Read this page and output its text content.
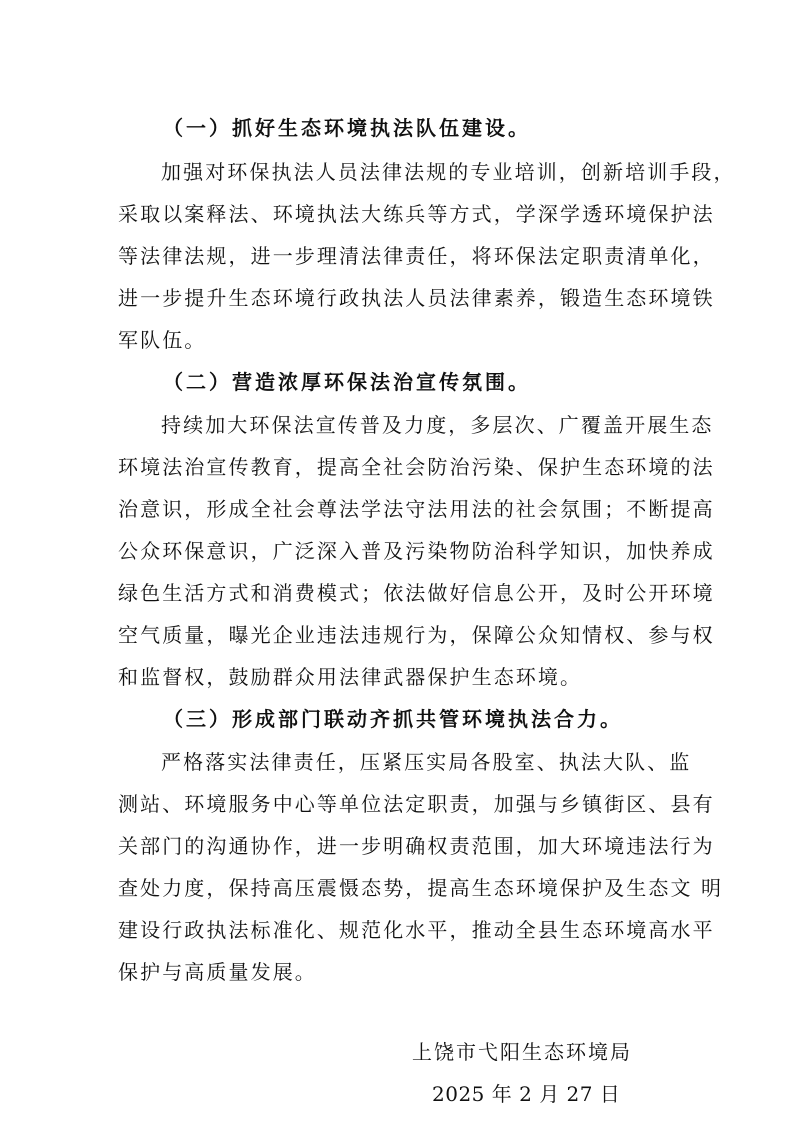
（一）抓好生态环境执法队伍建设。
加强对环保执法人员法律法规的专业培训，创新培训手段，
采取以案释法、环境执法大练兵等方式，学深学透环境保护法
等法律法规，进一步理清法律责任，将环保法定职责清单化，
进一步提升生态环境行政执法人员法律素养，锻造生态环境铁
军队伍。
（二）营造浓厚环保法治宣传氛围。
持续加大环保法宣传普及力度，多层次、广覆盖开展生态
环境法治宣传教育，提高全社会防治污染、保护生态环境的法
治意识，形成全社会尊法学法守法用法的社会氛围；不断提高
公众环保意识，广泛深入普及污染物防治科学知识，加快养成
绿色生活方式和消费模式；依法做好信息公开，及时公开环境
空气质量，曝光企业违法违规行为，保障公众知情权、参与权
和监督权，鼓励群众用法律武器保护生态环境。
（三）形成部门联动齐抓共管环境执法合力。
严格落实法律责任，压紧压实局各股室、执法大队、监
测站、环境服务中心等单位法定职责，加强与乡镇街区、县有
关部门的沟通协作，进一步明确权责范围，加大环境违法行为
查处力度，保持高压震慑态势，提高生态环境保护及生态文 明
建设行政执法标准化、规范化水平，推动全县生态环境高水平
保护与高质量发展。
上饶市弋阳生态环境局
2025 年 2 月 27 日
